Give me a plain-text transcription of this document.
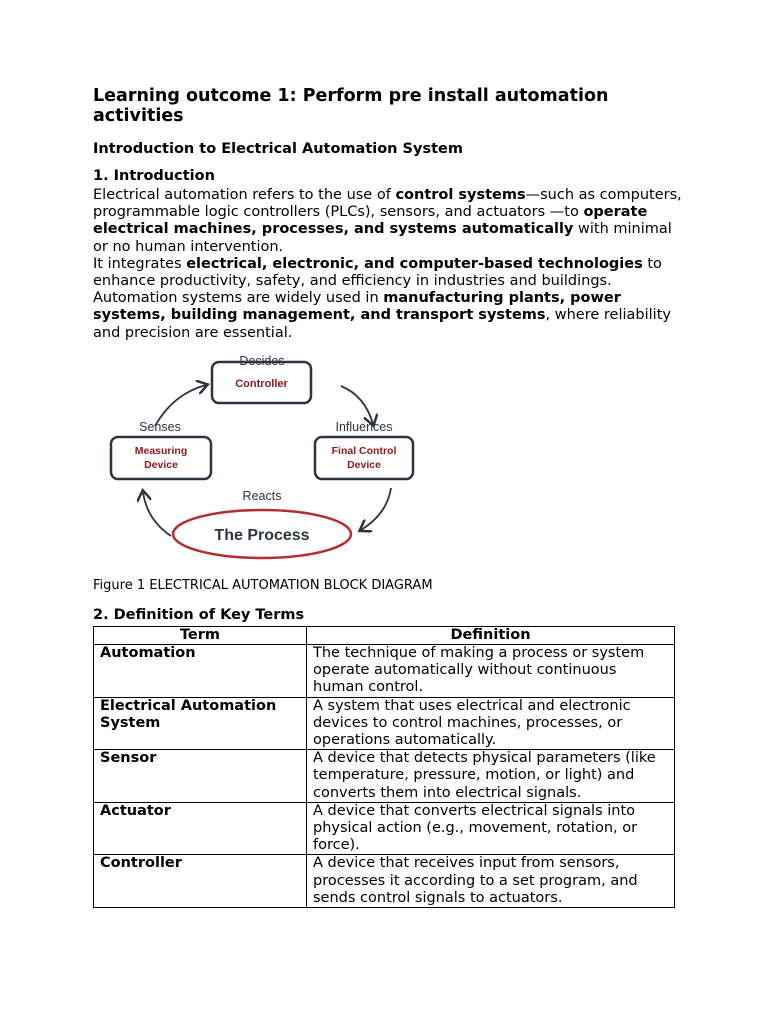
Learning outcome 1: Perform pre install automation activities
Introduction to Electrical Automation System
1. Introduction

Electrical automation refers to the use of control systems—such as computers, programmable logic controllers (PLCs), sensors, and actuators —to operate electrical machines, processes, and systems automatically with minimal or no human intervention.

It integrates electrical, electronic, and computer-based technologies to enhance productivity, safety, and efficiency in industries and buildings.

Automation systems are widely used in manufacturing plants, power systems, building management, and transport systems, where reliability and precision are essential.

Controller
Measuring
Device
Final Control
Device
The Process
Decides
Senses	Influences
Reacts
Figure 1 ELECTRICAL AUTOMATION BLOCK DIAGRAM
2. Definition of Key Terms
Term	Definition
Automation	The technique of making a process or system operate automatically without continuous human control.
Electrical Automation System	A system that uses electrical and electronic devices to control machines, processes, or operations automatically.
Sensor	A device that detects physical parameters (like temperature, pressure, motion, or light) and converts them into electrical signals.
Actuator	A device that converts electrical signals into physical action (e.g., movement, rotation, or force).
Controller	A device that receives input from sensors, processes it according to a set program, and sends control signals to actuators.
